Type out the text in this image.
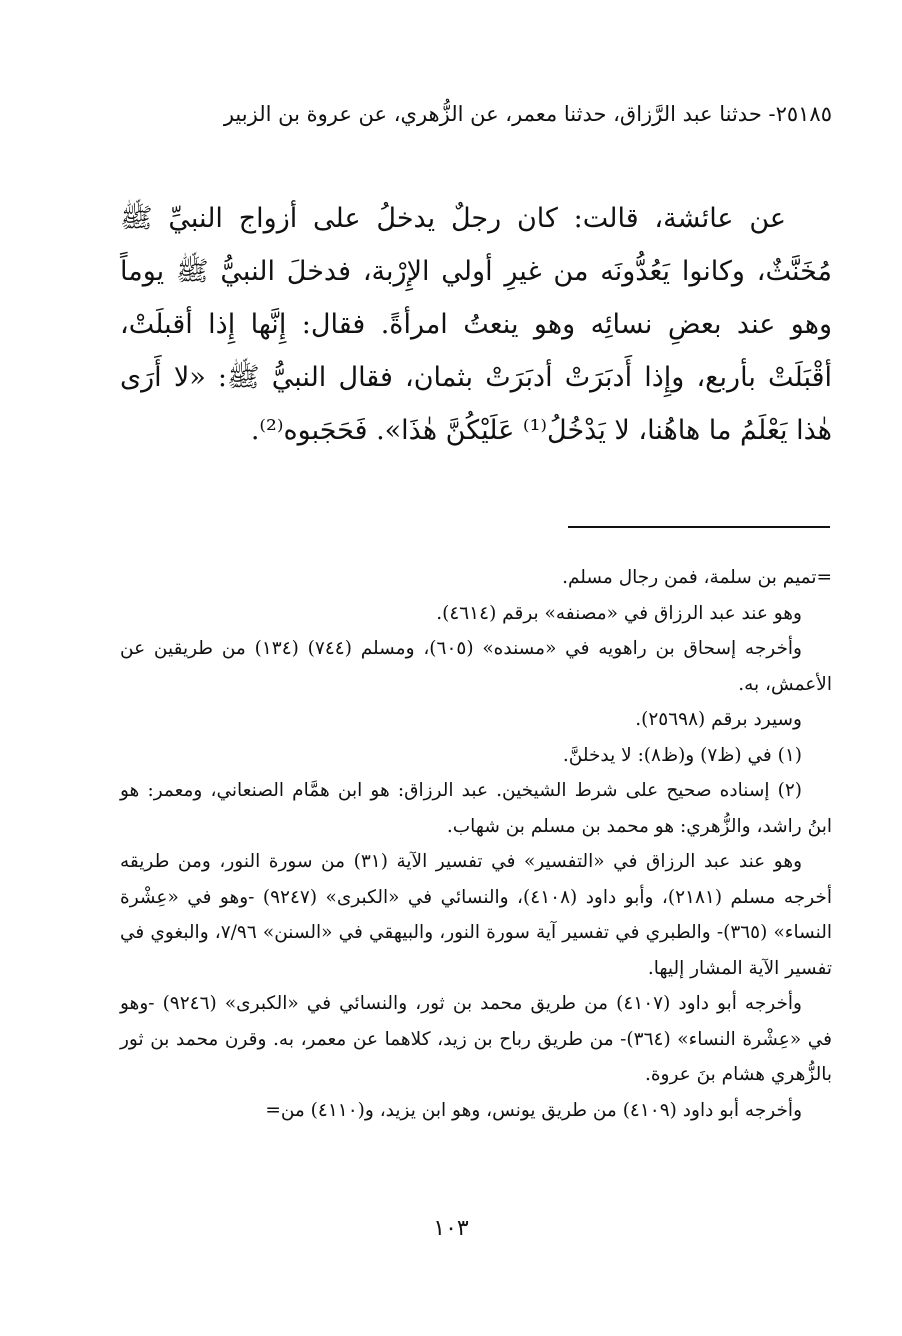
٢٥١٨٥- حدثنا عبد الرَّزاق، حدثنا معمر، عن الزُّهري، عن عروة بن الزبير

عن عائشة، قالت: كان رجلٌ يدخلُ على أزواج النبيِّ ﷺ مُخَنَّثٌ، وكانوا يَعُدُّونَه من غيرِ أولي الإِرْبة، فدخلَ النبيُّ ﷺ يوماً وهو عند بعضِ نسائِه وهو ينعتُ امرأةً. فقال: إِنَّها إِذا أقبلَتْ، أقْبَلَتْ بأربع، وإِذا أَدبَرَتْ أدبَرَتْ بثمان، فقال النبيُّ ﷺ: «لا أَرَى هٰذا يَعْلَمُ ما هاهُنا، لا يَدْخُلُ⁽¹⁾ عَلَيْكُنَّ هٰذَا». فَحَجَبوه⁽²⁾.

=تميم بن سلمة، فمن رجال مسلم.

وهو عند عبد الرزاق في «مصنفه» برقم (٤٦١٤).

وأخرجه إسحاق بن راهويه في «مسنده» (٦٠٥)، ومسلم (٧٤٤) (١٣٤) من طريقين عن الأعمش، به.

وسيرد برقم (٢٥٦٩٨).

(١) في (ظ٧) و(ظ٨): لا يدخلنَّ.

(٢) إسناده صحيح على شرط الشيخين. عبد الرزاق: هو ابن همَّام الصنعاني، ومعمر: هو ابنُ راشد، والزُّهري: هو محمد بن مسلم بن شهاب.

وهو عند عبد الرزاق في «التفسير» في تفسير الآية (٣١) من سورة النور، ومن طريقه أخرجه مسلم (٢١٨١)، وأبو داود (٤١٠٨)، والنسائي في «الكبرى» (٩٢٤٧) -وهو في «عِشْرة النساء» (٣٦٥)- والطبري في تفسير آية سورة النور، والبيهقي في «السنن» ٧/٩٦، والبغوي في تفسير الآية المشار إليها.

وأخرجه أبو داود (٤١٠٧) من طريق محمد بن ثور، والنسائي في «الكبرى» (٩٢٤٦) -وهو في «عِشْرة النساء» (٣٦٤)- من طريق رباح بن زيد، كلاهما عن معمر، به. وقرن محمد بن ثور بالزُّهري هشام بنَ عروة.

وأخرجه أبو داود (٤١٠٩) من طريق يونس، وهو ابن يزيد، و(٤١١٠) من=

١٠٣
